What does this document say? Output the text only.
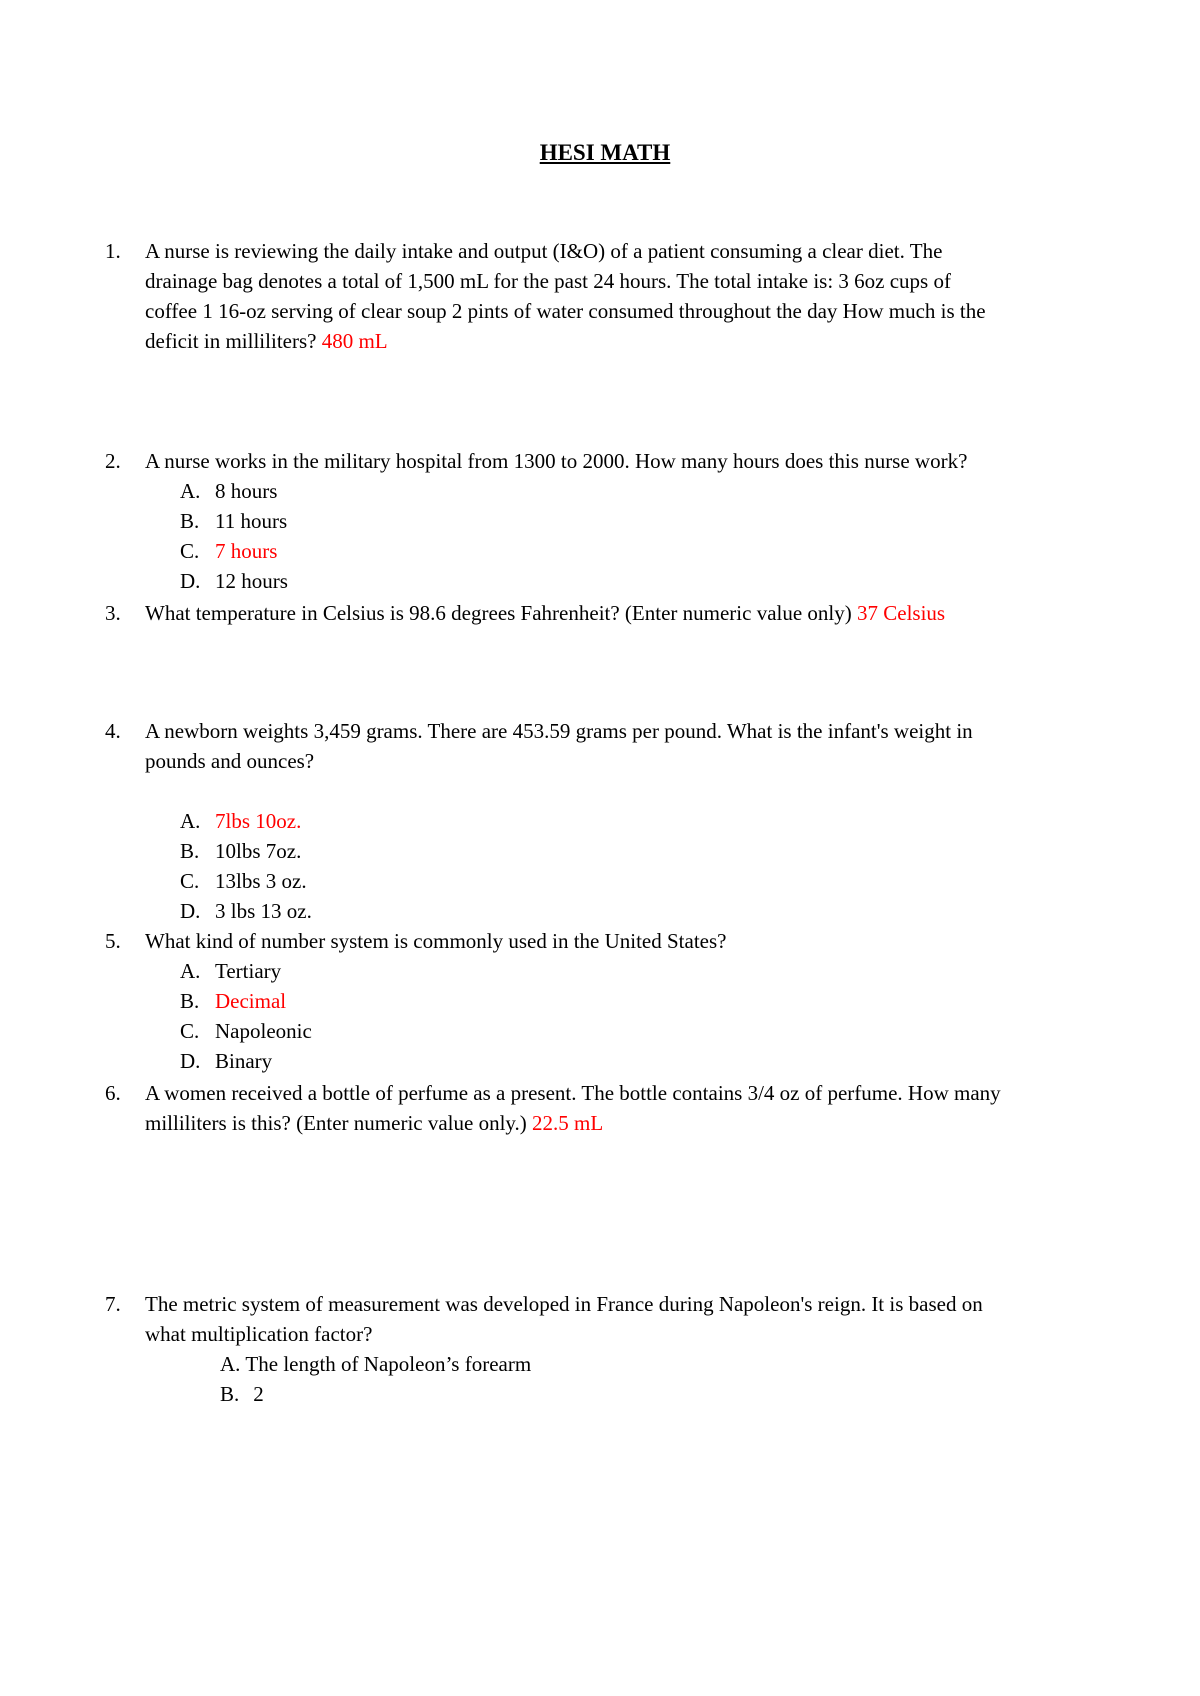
HESI MATH
1.	A nurse is reviewing the daily intake and output (I&O) of a patient consuming a clear diet. The drainage bag denotes a total of 1,500 mL for the past 24 hours. The total intake is: 3 6oz cups of coffee 1 16-oz serving of clear soup 2 pints of water consumed throughout the day How much is the deficit in milliliters? 480 mL

2.	A nurse works in the military hospital from 1300 to 2000. How many hours does this nurse work?

A. 8 hours
B. 11 hours
C. 7 hours
D. 12 hours
3.	What temperature in Celsius is 98.6 degrees Fahrenheit? (Enter numeric value only) 37 Celsius

4.	A newborn weights 3,459 grams. There are 453.59 grams per pound. What is the infant's weight in pounds and ounces?

A. 7lbs 10oz.
B. 10lbs 7oz.
C. 13lbs 3 oz.
D. 3 lbs 13 oz.
5.	What kind of number system is commonly used in the United States?

A. Tertiary
B. Decimal
C. Napoleonic
D. Binary
6.	A women received a bottle of perfume as a present. The bottle contains 3/4 oz of perfume. How many milliliters is this? (Enter numeric value only.) 22.5 mL

7.	The metric system of measurement was developed in France during Napoleon's reign. It is based on what multiplication factor?

A. The length of Napoleon’s forearm
B. 2
